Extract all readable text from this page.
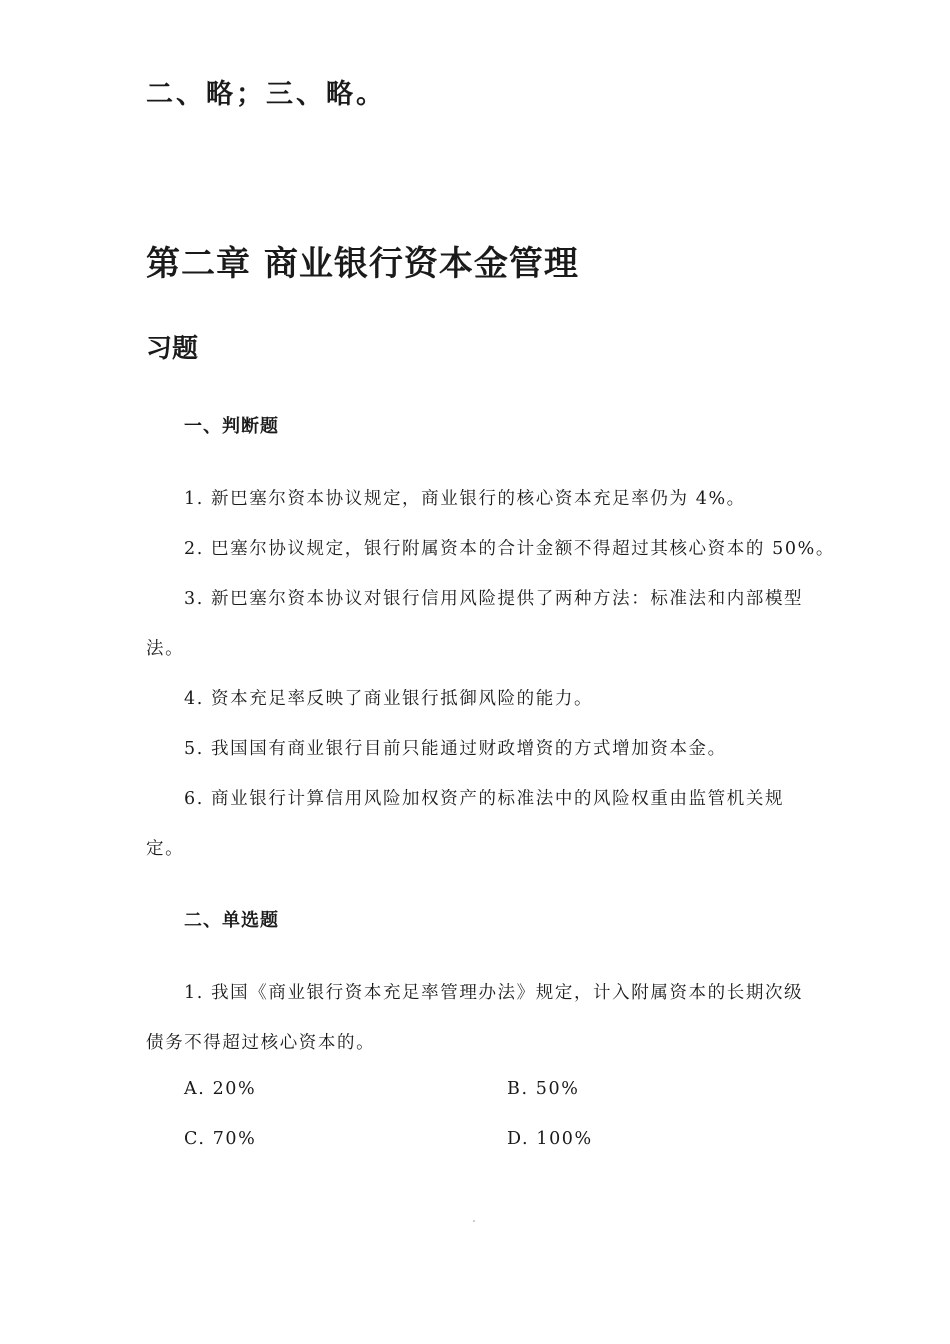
二、略；三、略。
第二章 商业银行资本金管理
习题
一、判断题
1. 新巴塞尔资本协议规定，商业银行的核心资本充足率仍为 4%。
2. 巴塞尔协议规定，银行附属资本的合计金额不得超过其核心资本的 50%。
3. 新巴塞尔资本协议对银行信用风险提供了两种方法：标准法和内部模型
法。
4. 资本充足率反映了商业银行抵御风险的能力。
5. 我国国有商业银行目前只能通过财政增资的方式增加资本金。
6. 商业银行计算信用风险加权资产的标准法中的风险权重由监管机关规
定。
二、单选题
1. 我国《商业银行资本充足率管理办法》规定，计入附属资本的长期次级
债务不得超过核心资本的。
A. 20%	B. 50%
C. 70%	D. 100%
